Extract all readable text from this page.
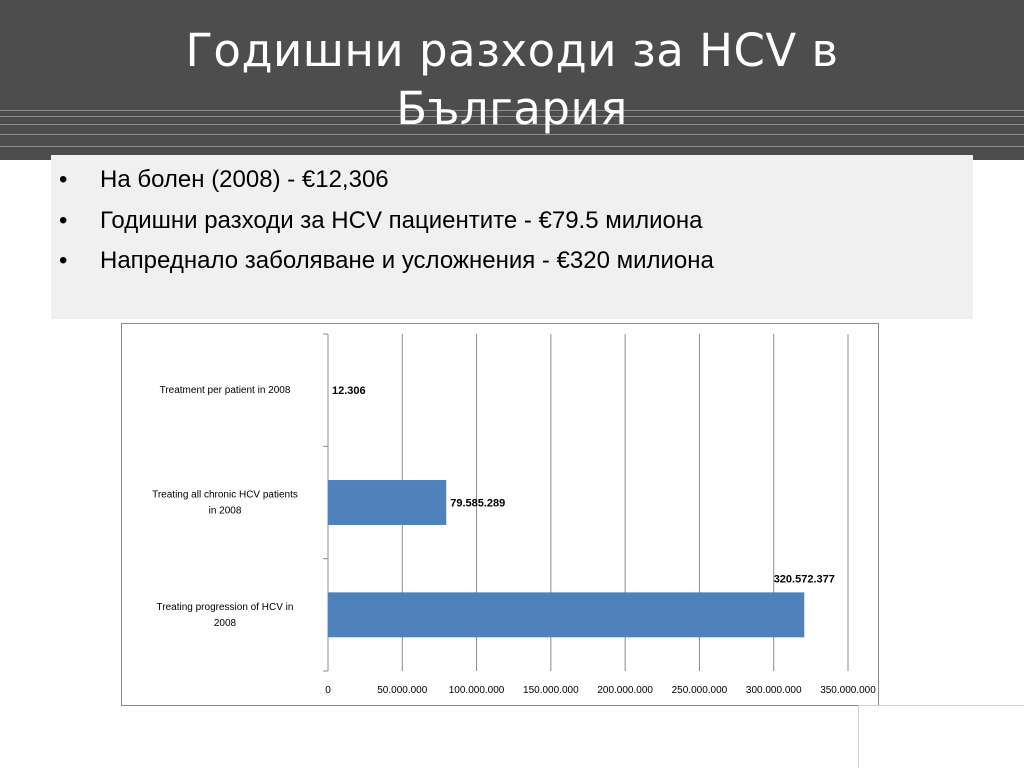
Годишни разходи за HCV в
България
• На болен (2008) - €12,306
• Годишни разходи за HCV пациентите - €79.5 милиона
• Напреднало заболяване и усложнения - €320 милиона
0	50.000.000 100.000.000 150.000.000 200.000.000 250.000.000 300.000.000 350.000.000
Treatment per patient in 2008	12.306
Treating all chronic HCV patients in 2008
79.585.289
Treating progression of HCV in 2008
320.572.377
